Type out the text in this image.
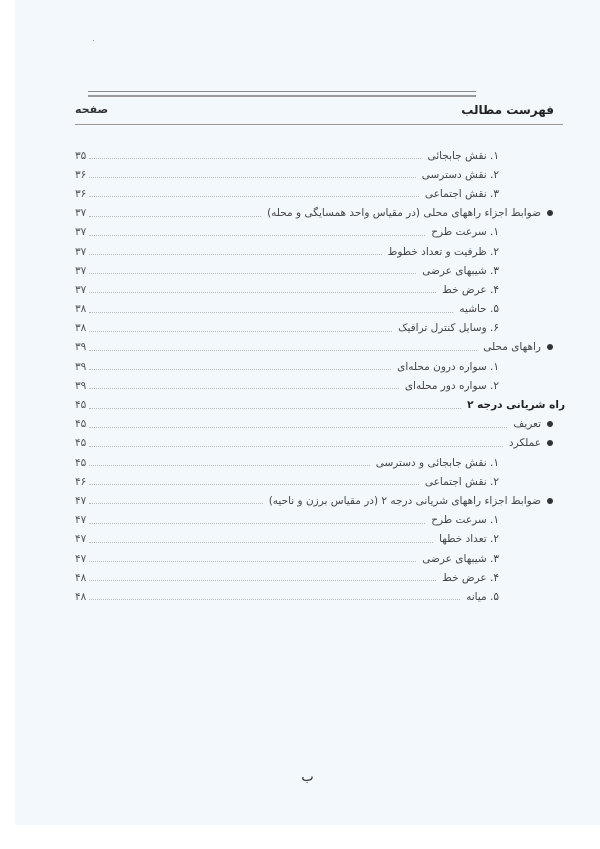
فهرست مطالب
صفحه
۱. نقش جابجائی
۳۵
۲. نقش دسترسی
۳۶
۳. نقش اجتماعی
۳۶
ضوابط اجزاء راههای محلی (در مقیاس واحد همسایگی و محله)
۳۷
۱. سرعت طرح
۳۷
۲. ظرفیت و تعداد خطوط
۳۷
۳. شیبهای عرضی
۳۷
۴. عرض خط
۳۷
۵. حاشیه
۳۸
۶. وسایل کنترل ترافیک
۳۸
راههای محلی
۳۹
۱. سواره درون محله‌ای
۳۹
۲. سواره دور محله‌ای
۳۹
راه شریانی درجه ۲
۴۵
تعریف
۴۵
عملکرد
۴۵
۱. نقش جابجائی و دسترسی
۴۵
۲. نقش اجتماعی
۴۶
ضوابط اجزاء راههای شریانی درجه ۲ (در مقیاس برزن و ناحیه)
۴۷
۱. سرعت طرح
۴۷
۲. تعداد خطها
۴۷
۳. شیبهای عرضی
۴۷
۴. عرض خط
۴۸
۵. میانه
۴۸
ب
